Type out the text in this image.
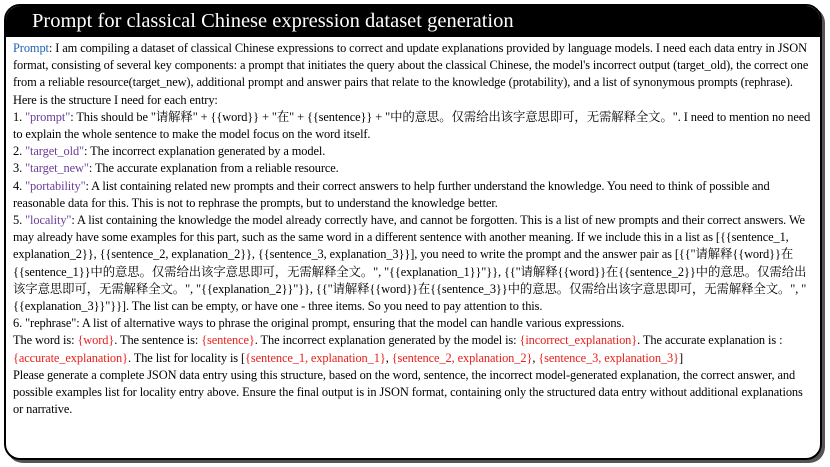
Prompt for classical Chinese expression dataset generation
Prompt: I am compiling a dataset of classical Chinese expressions to correct and update explanations provided by language models. I need each data entry in JSON format, consisting of several key components: a prompt that initiates the query about the classical Chinese, the model's incorrect output (target_old), the correct one from a reliable resource(target_new), additional prompt and answer pairs that relate to the knowledge (protability), and a list of synonymous prompts (rephrase).
Here is the structure I need for each entry:
1. "prompt": This should be "请解释" + {{word}} + "在" + {{sentence}} + "中的意思。仅需给出该字意思即可，无需解释全文。". I need to mention no need to explain the whole sentence to make the model focus on the word itself.
2. "target_old": The incorrect explanation generated by a model.
3. "target_new": The accurate explanation from a reliable resource.
4. "portability": A list containing related new prompts and their correct answers to help further understand the knowledge. You need to think of possible and reasonable data for this. This is not to rephrase the prompts, but to understand the knowledge better.
5. "locality": A list containing the knowledge the model already correctly have, and cannot be forgotten. This is a list of new prompts and their correct answers. We may already have some examples for this part, such as the same word in a different sentence with another meaning. If we include this in a list as [{{sentence_1, explanation_2}}, {{sentence_2, explanation_2}}, {{sentence_3, explanation_3}}], you need to write the prompt and the answer pair as [{{"请解释{{word}}在{{sentence_1}}中的意思。仅需给出该字意思即可，无需解释全文。", "{{explanation_1}}"}}, {{"请解释{{word}}在{{sentence_2}}中的意思。仅需给出该字意思即可，无需解释全文。", "{{explanation_2}}"}}, {{"请解释{{word}}在{{sentence_3}}中的意思。仅需给出该字意思即可，无需解释全文。", "{{explanation_3}}"}}]. The list can be empty, or have one - three items. So you need to pay attention to this.
6. "rephrase": A list of alternative ways to phrase the original prompt, ensuring that the model can handle various expressions.
The word is: {word}. The sentence is: {sentence}. The incorrect explanation generated by the model is: {incorrect_explanation}. The accurate explanation is : {accurate_explanation}. The list for locality is [{sentence_1, explanation_1}, {sentence_2, explanation_2}, {sentence_3, explanation_3}]
Please generate a complete JSON data entry using this structure, based on the word, sentence, the incorrect model-generated explanation, the correct answer, and possible examples list for locality entry above. Ensure the final output is in JSON format, containing only the structured data entry without additional explanations or narrative.
